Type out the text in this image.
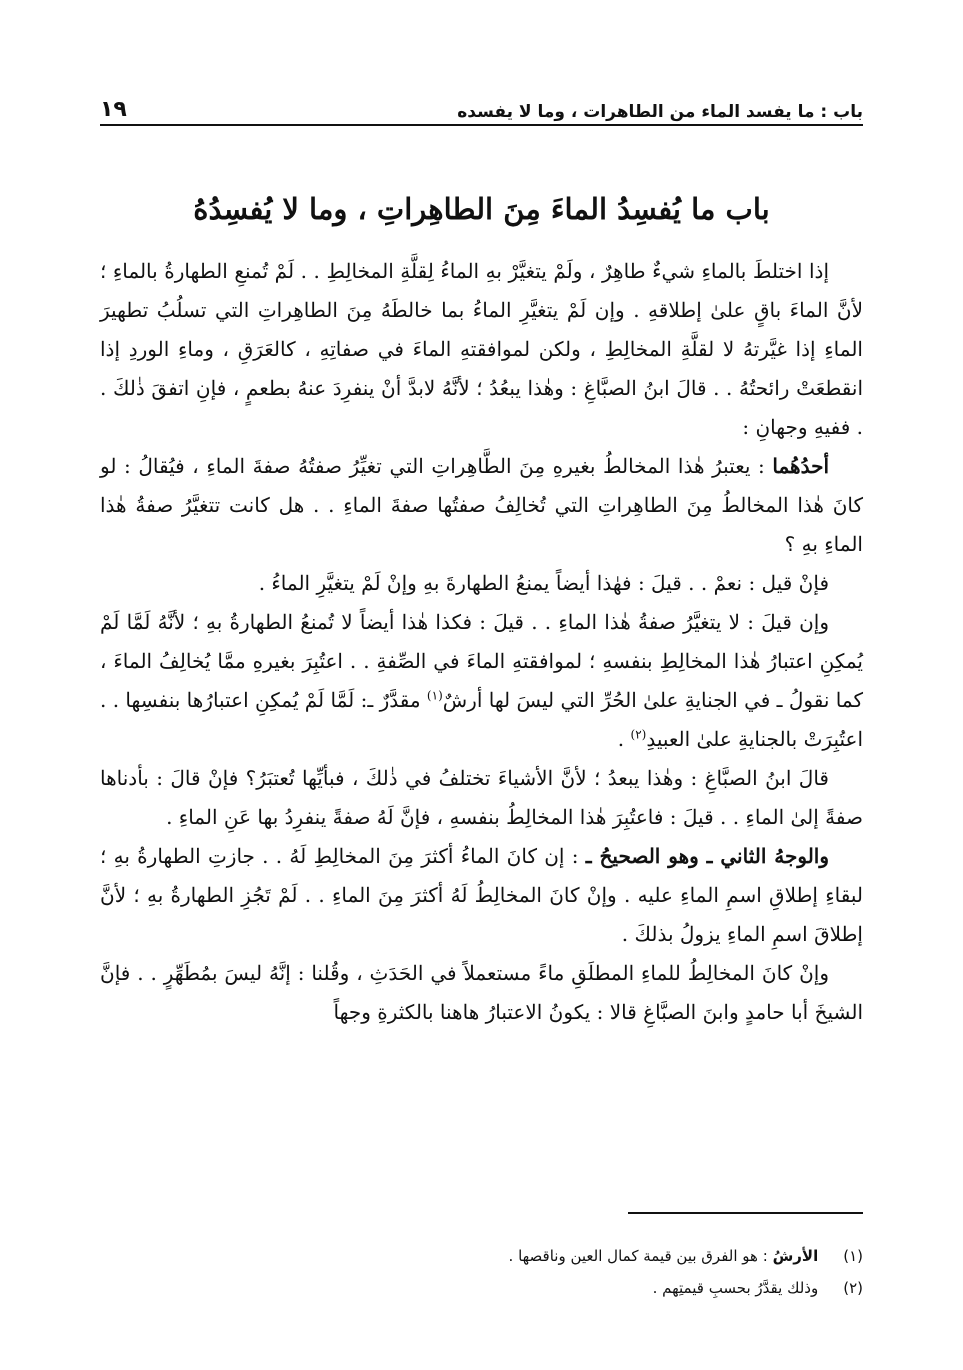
باب : ما يفسد الماء من الطاهرات ، وما لا يفسده
١٩
باب ما يُفسِدُ الماءَ مِنَ الطاهِراتِ ، وما لا يُفسِدُهُ

إذا اختلطَ بالماءِ شيءٌ طاهِرٌ ، ولَمْ يتغيَّرْ بهِ الماءُ لِقلَّةِ المخالِطِ . . لَمْ تُمنعِ الطهارةُ بالماءِ ؛ لأنَّ الماءَ باقٍ علىٰ إطلاقهِ . وإن لَمْ يتغيَّرِ الماءُ بما خالطَهُ مِنَ الطاهِراتِ التي تسلُبُ تطهيرَ الماءِ إذا غيَّرتهُ لا لقلَّةِ المخالِطِ ، ولكن لموافقتهِ الماءَ في صفاتِهِ ، كالعَرَقِ ، وماءِ الوردِ إذا انقطعَتْ رائحتُهُ . . قالَ ابنُ الصبَّاغِ : وهٰذا يبعُدُ ؛ لأنَّهُ لابدَّ أنْ ينفرِدَ عنهُ بطعمٍ ، فإنِ اتفقَ ذٰلكَ . . ففيهِ وجهانِ :

أحدُهُما : يعتبرُ هٰذا المخالطُ بغيرهِ مِنَ الطَّاهِراتِ التي تغيِّرُ صفتُهُ صفةَ الماءِ ، فيُقالُ : لو كانَ هٰذا المخالطُ مِنَ الطاهِراتِ التي تُخالِفُ صفتُها صفةَ الماءِ . . هل كانت تتغيَّرُ صفةُ هٰذا الماءِ بهِ ؟

فإنْ قيل : نعمْ . . قيلَ : فهٰذا أيضاً يمنعُ الطهارةَ بهِ وإنْ لَمْ يتغيَّرِ الماءُ .

وإن قيلَ : لا يتغيَّرُ صفةُ هٰذا الماءِ . . قيلَ : فكذا هٰذا أيضاً لا تُمنعُ الطهارةُ بهِ ؛ لأنَّهُ لَمَّا لَمْ يُمكِنِ اعتبارُ هٰذا المخالِطِ بنفسهِ ؛ لموافقتهِ الماءَ في الصِّفةِ . . اعتُبِرَ بغيرهِ ممَّا يُخالِفُ الماءَ ، كما نقولُ ـ في الجنايةِ علىٰ الحُرِّ التي ليسَ لها أرشٌ$^{(١)}$ مقدَّرٌ ـ: لَمَّا لَمْ يُمكِنِ اعتبارُها بنفسِها . . اعتُبِرَتْ بالجنايةِ علىٰ العبيدِ$^{(٢)}$ .

قالَ ابنُ الصبَّاغِ : وهٰذا يبعدُ ؛ لأنَّ الأشياءَ تختلفُ في ذٰلكَ ، فبأيِّها تُعتبَرُ؟ فإنْ قالَ : بأدناها صفةً إلىٰ الماءِ . . قيلَ : فاعتُبِرَ هٰذا المخالِطُ بنفسهِ ، فإنَّ لَهُ صفةً ينفرِدُ بها عَنِ الماءِ .

والوجهُ الثاني ـ وهو الصحيحُ ـ : إن كانَ الماءُ أكثرَ مِنَ المخالِطِ لَهُ . . جازتِ الطهارةُ بهِ ؛ لبقاءِ إطلاقِ اسمِ الماءِ عليه . وإنْ كانَ المخالِطُ لَهُ أكثرَ مِنَ الماءِ . . لَمْ تَجُزِ الطهارةُ بهِ ؛ لأنَّ إطلاقَ اسمِ الماءِ يزولُ بذلكَ .

وإنْ كانَ المخالِطُ للماءِ المطلَقِ ماءً مستعملاً في الحَدَثِ ، وقُلنا : إنَّهُ ليسَ بمُطَهِّرٍ . . فإنَّ الشيخَ أبا حامدٍ وابنَ الصبَّاغِ قالا : يكونُ الاعتبارُ هاهنا بالكثرةِ وجهاً

(١) الأرشُ : هو الفرق بين قيمة كمال العين وناقصها .
(٢) وذلك يقدَّرُ بحسبِ قيمتِهم .
